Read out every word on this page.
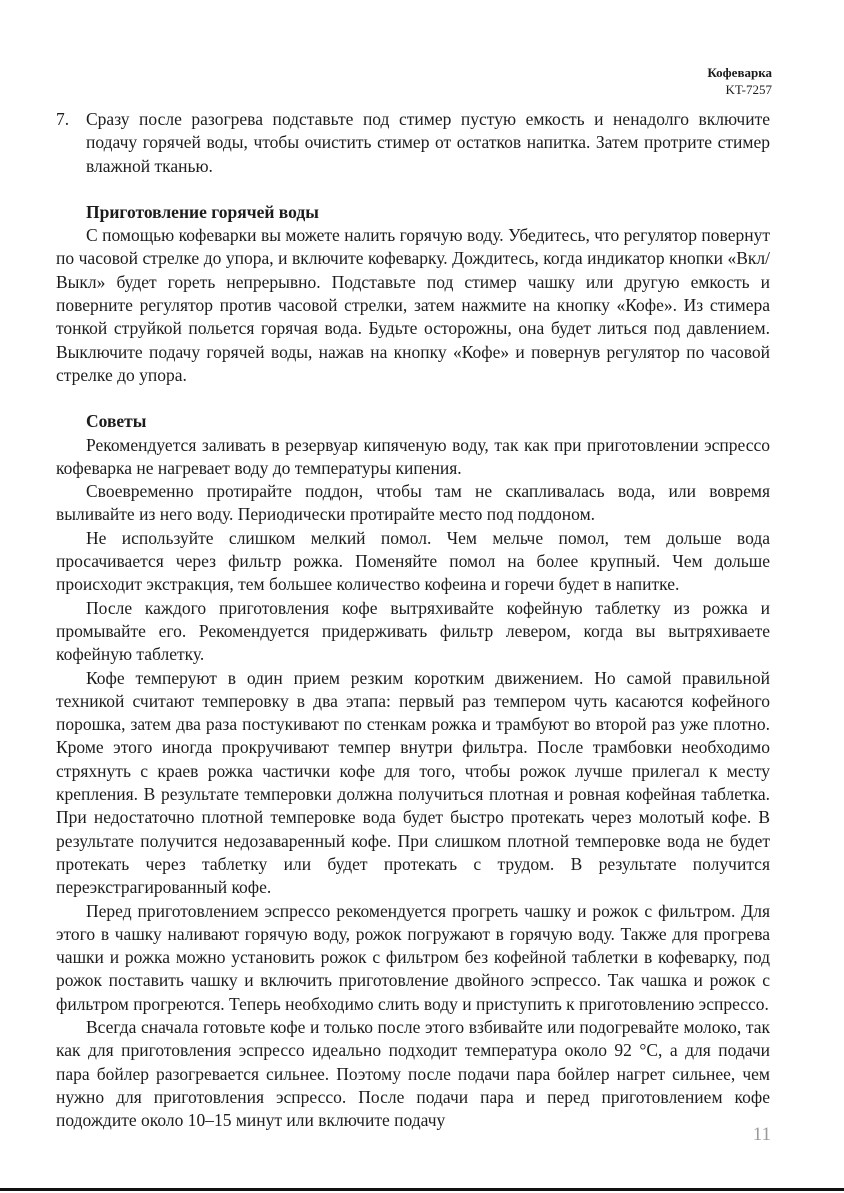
Кофеварка
KT-7257
7. Сразу после разогрева подставьте под стимер пустую емкость и ненадолго включите подачу горячей воды, чтобы очистить стимер от остатков напитка. Затем протрите стимер влажной тканью.

Приготовление горячей воды

С помощью кофеварки вы можете налить горячую воду. Убедитесь, что регулятор повернут по часовой стрелке до упора, и включите кофеварку. Дождитесь, когда индикатор кнопки «Вкл/Выкл» будет гореть непрерывно. Подставьте под стимер чашку или другую емкость и поверните регулятор против часовой стрелки, затем нажмите на кнопку «Кофе». Из стимера тонкой струйкой польется горячая вода. Будьте осторожны, она будет литься под давлением. Выключите подачу горячей воды, нажав на кнопку «Кофе» и повернув регулятор по часовой стрелке до упора.

Советы

Рекомендуется заливать в резервуар кипяченую воду, так как при приготовлении эспрессо кофеварка не нагревает воду до температуры кипения.

Своевременно протирайте поддон, чтобы там не скапливалась вода, или вовремя выливайте из него воду. Периодически протирайте место под поддоном.

Не используйте слишком мелкий помол. Чем мельче помол, тем дольше вода просачивается через фильтр рожка. Поменяйте помол на более крупный. Чем дольше происходит экстракция, тем большее количество кофеина и горечи будет в напитке.

После каждого приготовления кофе вытряхивайте кофейную таблетку из рожка и промывайте его. Рекомендуется придерживать фильтр левером, когда вы вытряхиваете кофейную таблетку.

Кофе темперуют в один прием резким коротким движением. Но самой правильной техникой считают темперовку в два этапа: первый раз темпером чуть касаются кофейного порошка, затем два раза постукивают по стенкам рожка и трамбуют во второй раз уже плотно. Кроме этого иногда прокручивают темпер внутри фильтра. После трамбовки необходимо стряхнуть с краев рожка частички кофе для того, чтобы рожок лучше прилегал к месту крепления. В результате темперовки должна получиться плотная и ровная кофейная таблетка. При недостаточно плотной темперовке вода будет быстро протекать через молотый кофе. В результате получится недозаваренный кофе. При слишком плотной темперовке вода не будет протекать через таблетку или будет протекать с трудом. В результате получится переэкстрагированный кофе.

Перед приготовлением эспрессо рекомендуется прогреть чашку и рожок с фильтром. Для этого в чашку наливают горячую воду, рожок погружают в горячую воду. Также для прогрева чашки и рожка можно установить рожок с фильтром без кофейной таблетки в кофеварку, под рожок поставить чашку и включить приготовление двойного эспрессо. Так чашка и рожок с фильтром прогреются. Теперь необходимо слить воду и приступить к приготовлению эспрессо.

Всегда сначала готовьте кофе и только после этого взбивайте или подогревайте молоко, так как для приготовления эспрессо идеально подходит температура около 92 °С, а для подачи пара бойлер разогревается сильнее. Поэтому после подачи пара бойлер нагрет сильнее, чем нужно для приготовления эспрессо. После подачи пара и перед приготовлением кофе подождите около 10–15 минут или включите подачу

11
